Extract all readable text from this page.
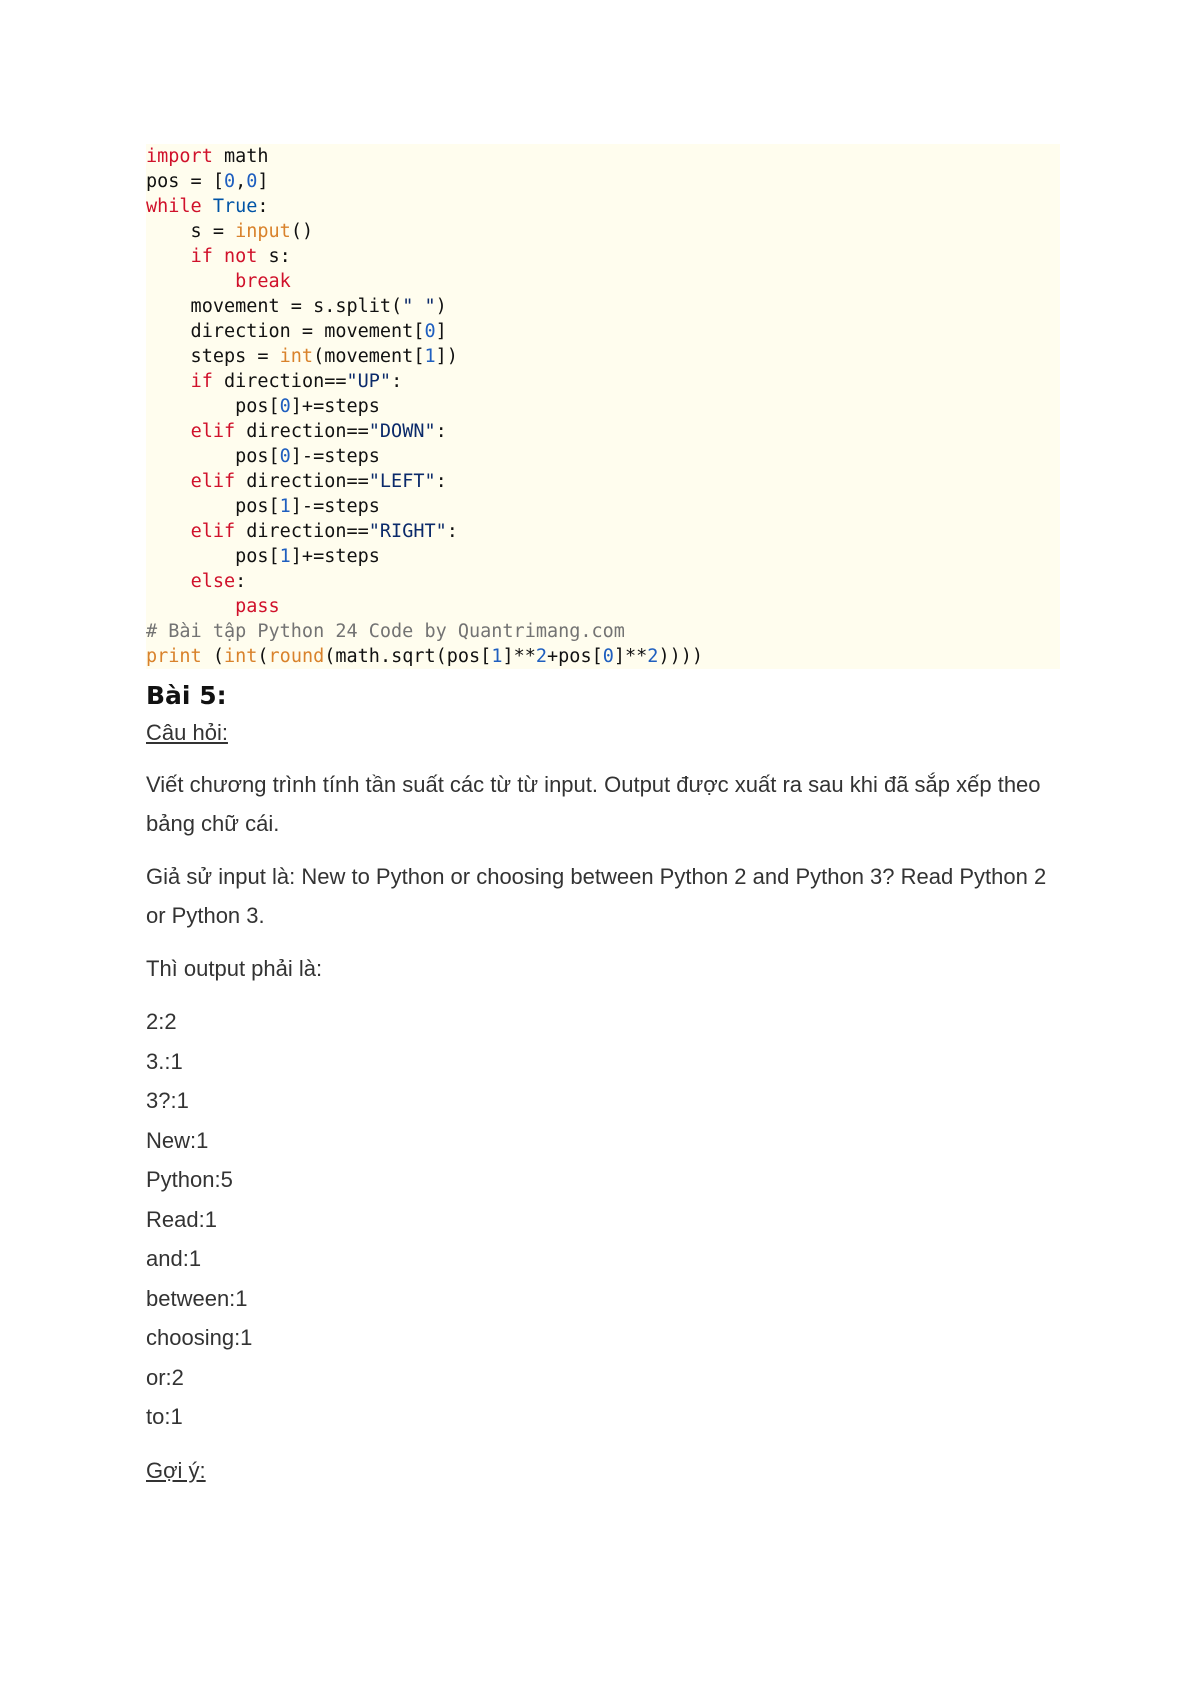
import math
pos = [0,0]
while True:
s = input()
if not s:
break
movement = s.split(" ")
direction = movement[0]
steps = int(movement[1])
if direction=="UP":
pos[0]+=steps
elif direction=="DOWN":
pos[0]-=steps
elif direction=="LEFT":
pos[1]-=steps
elif direction=="RIGHT":
pos[1]+=steps
else:
pass
# Bài tập Python 24 Code by Quantrimang.com
print (int(round(math.sqrt(pos[1]**2+pos[0]**2))))
Bài 5:
Câu hỏi:

Viết chương trình tính tần suất các từ từ input. Output được xuất ra sau khi đã sắp xếp theo bảng chữ cái.

Giả sử input là: New to Python or choosing between Python 2 and Python 3? Read Python 2 or Python 3.

Thì output phải là:

2:2
3.:1
3?:1
New:1
Python:5
Read:1
and:1
between:1
choosing:1
or:2
to:1
Gợi ý:
